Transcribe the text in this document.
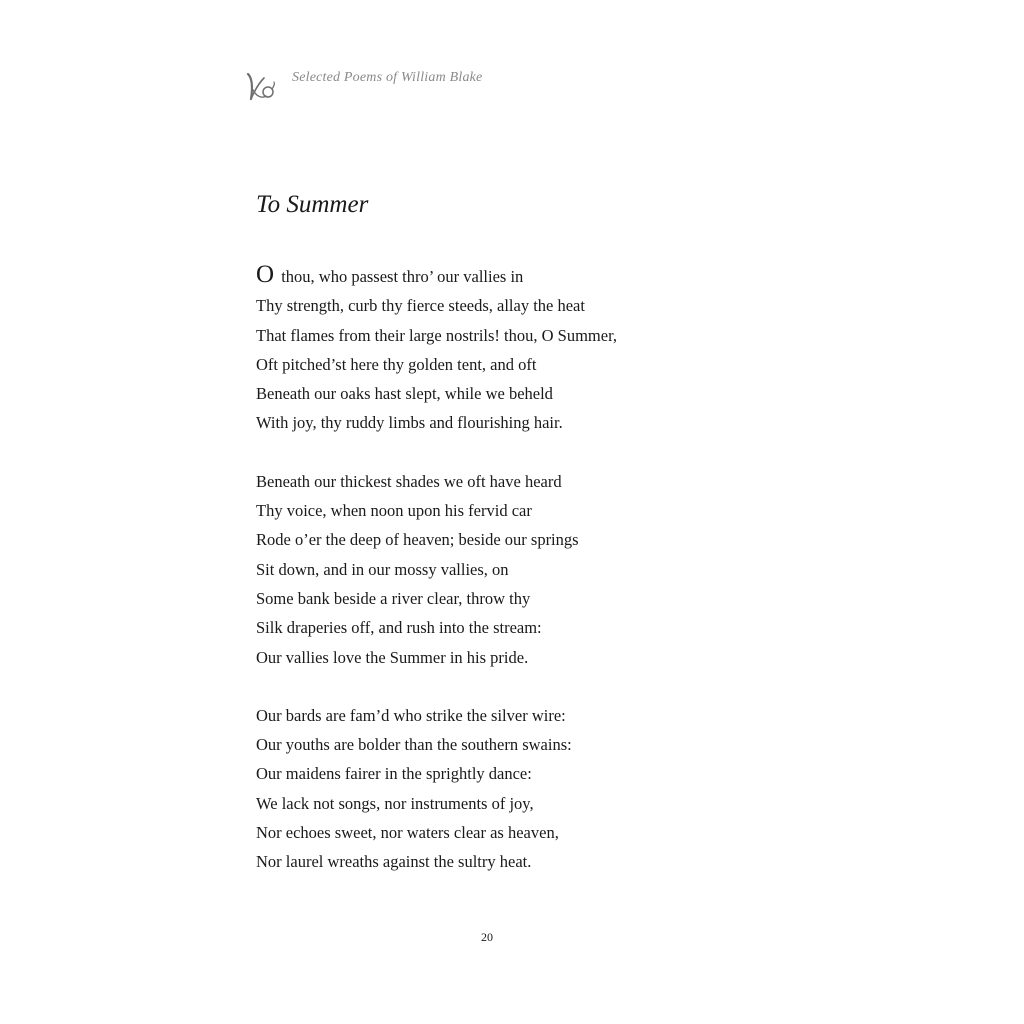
Selected Poems of William Blake
To Summer
O thou, who passest thro’ our vallies in
Thy strength, curb thy fierce steeds, allay the heat
That flames from their large nostrils! thou, O Summer,
Oft pitched’st here thy golden tent, and oft
Beneath our oaks hast slept, while we beheld
With joy, thy ruddy limbs and flourishing hair.
Beneath our thickest shades we oft have heard
Thy voice, when noon upon his fervid car
Rode o’er the deep of heaven; beside our springs
Sit down, and in our mossy vallies, on
Some bank beside a river clear, throw thy
Silk draperies off, and rush into the stream:
Our vallies love the Summer in his pride.
Our bards are fam’d who strike the silver wire:
Our youths are bolder than the southern swains:
Our maidens fairer in the sprightly dance:
We lack not songs, nor instruments of joy,
Nor echoes sweet, nor waters clear as heaven,
Nor laurel wreaths against the sultry heat.
20
